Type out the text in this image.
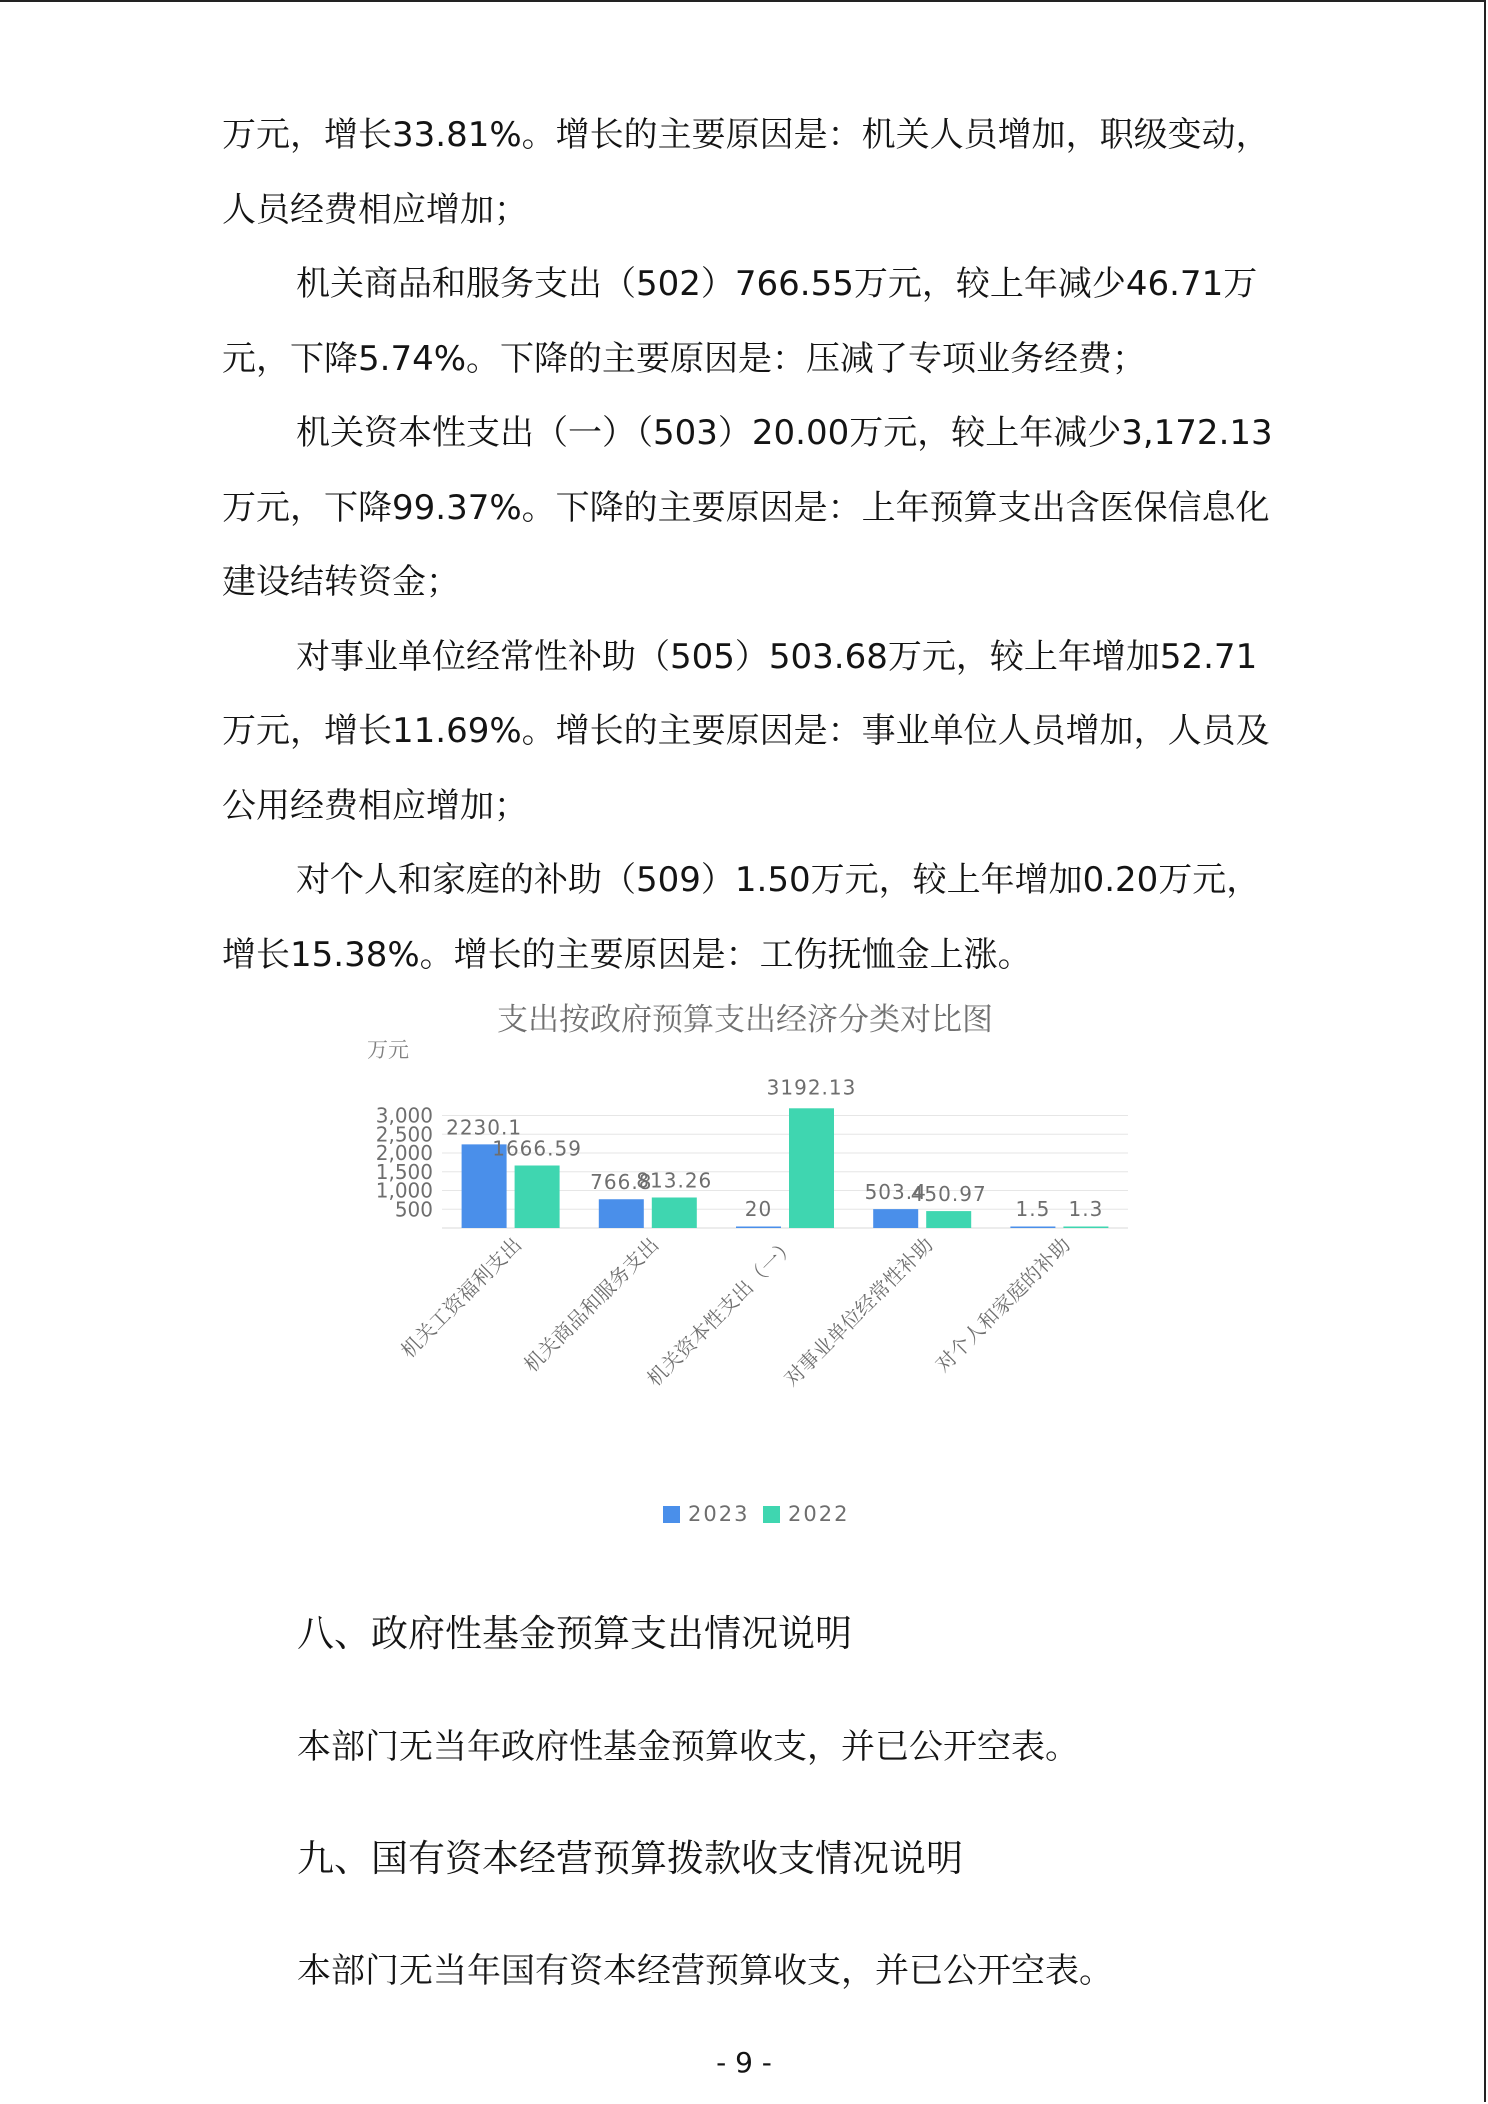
万元，增长33.81%。增长的主要原因是：机关人员增加，职级变动，人员经费相应增加；

机关商品和服务支出（502）766.55万元，较上年减少46.71万元，下降5.74%。下降的主要原因是：压减了专项业务经费；

机关资本性支出（一）（503）20.00万元，较上年减少3,172.13万元，下降99.37%。下降的主要原因是：上年预算支出含医保信息化建设结转资金；

对事业单位经常性补助（505）503.68万元，较上年增加52.71万元，增长11.69%。增长的主要原因是：事业单位人员增加，人员及公用经费相应增加；

对个人和家庭的补助（509）1.50万元，较上年增加0.20万元，增长15.38%。增长的主要原因是：工伤抚恤金上涨。

支出按政府预算支出经济分类对比图
万元
500
1,000
1,500
2,000
2,500
3,000 2230.1
1666.59
766.8
813.26
20
3192.13
503.4
450.97
1.5 1.3
机关工资福利支出
机关商品和服务支出
机关资本性支出（一）
对事业单位经常性补助
对个人和家庭的补助
2023 2022
八、政府性基金预算支出情况说明

本部门无当年政府性基金预算收支，并已公开空表。

九、国有资本经营预算拨款收支情况说明

本部门无当年国有资本经营预算收支，并已公开空表。

- 9 -
